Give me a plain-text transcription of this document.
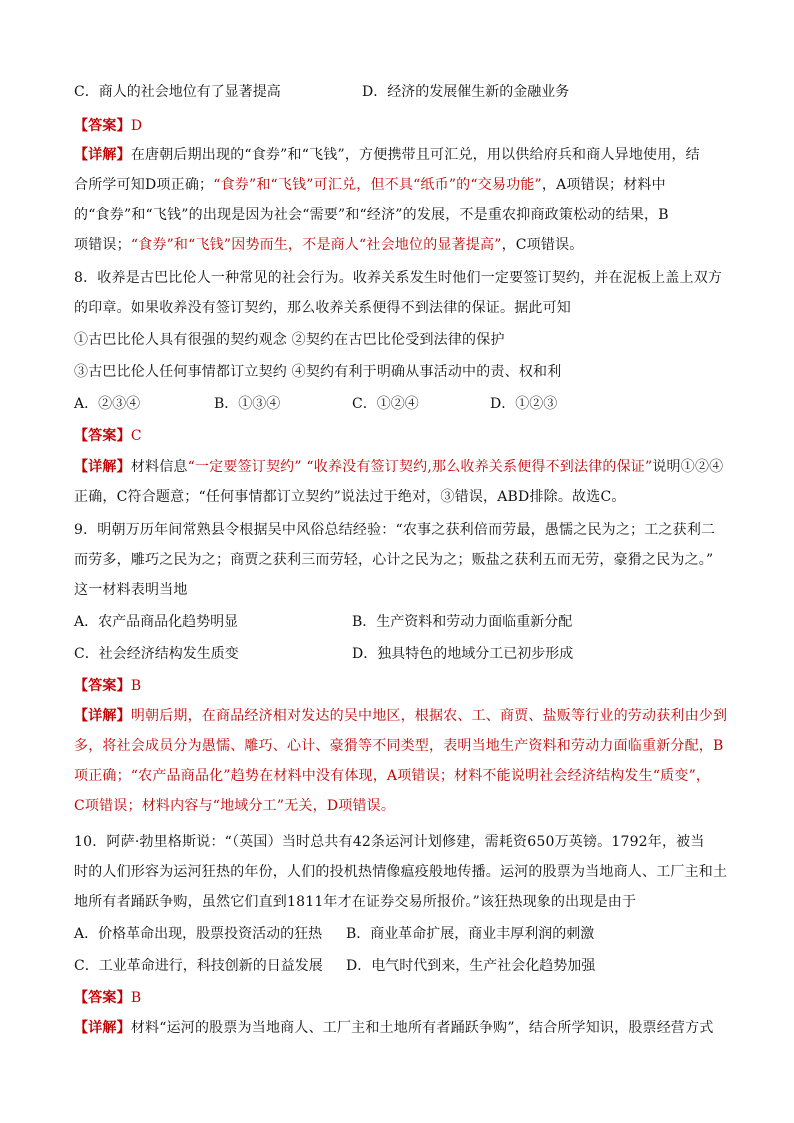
C．商人的社会地位有了显著提高	D．经济的发展催生新的金融业务
【答案】D
【详解】在唐朝后期出现的“食券”和“飞钱”，方便携带且可汇兑，用以供给府兵和商人异地使用，结
合所学可知D项正确；“食券”和“飞钱”可汇兑，但不具“纸币”的“交易功能”，A项错误；材料中
的“食券”和“飞钱”的出现是因为社会“需要”和“经济”的发展，不是重农抑商政策松动的结果，B
项错误；“食券”和“飞钱”因势而生，不是商人“社会地位的显著提高”，C项错误。
8．收养是古巴比伦人一种常见的社会行为。收养关系发生时他们一定要签订契约，并在泥板上盖上双方
的印章。如果收养没有签订契约，那么收养关系便得不到法律的保证。据此可知
①古巴比伦人具有很强的契约观念 ②契约在古巴比伦受到法律的保护
③古巴比伦人任何事情都订立契约 ④契约有利于明确从事活动中的责、权和利
A．②③④	B．①③④	C．①②④	D．①②③
【答案】C
【详解】材料信息“一定要签订契约” “收养没有签订契约,那么收养关系便得不到法律的保证”说明①②④
正确，C符合题意；“任何事情都订立契约”说法过于绝对，③错误，ABD排除。故选C。
9．明朝万历年间常熟县令根据吴中风俗总结经验：“农事之获利倍而劳最，愚懦之民为之；工之获利二
而劳多，雕巧之民为之；商贾之获利三而劳轻，心计之民为之；贩盐之获利五而无劳，豪猾之民为之。”
这一材料表明当地
A．农产品商品化趋势明显	B．生产资料和劳动力面临重新分配
C．社会经济结构发生质变	D．独具特色的地域分工已初步形成
【答案】B
【详解】明朝后期，在商品经济相对发达的吴中地区，根据农、工、商贾、盐贩等行业的劳动获利由少到
多，将社会成员分为愚懦、雕巧、心计、豪猾等不同类型，表明当地生产资料和劳动力面临重新分配，B
项正确；“农产品商品化”趋势在材料中没有体现，A项错误；材料不能说明社会经济结构发生“质变”，
C项错误；材料内容与“地域分工”无关，D项错误。
10．阿萨·勃里格斯说：“（英国）当时总共有42条运河计划修建，需耗资650万英镑。1792年，被当
时的人们形容为运河狂热的年份，人们的投机热情像瘟疫般地传播。运河的股票为当地商人、工厂主和土
地所有者踊跃争购，虽然它们直到1811年才在证券交易所报价。”该狂热现象的出现是由于
A．价格革命出现，股票投资活动的狂热 B．商业革命扩展，商业丰厚利润的刺激
C．工业革命进行，科技创新的日益发展 D．电气时代到来，生产社会化趋势加强
【答案】B
【详解】材料“运河的股票为当地商人、工厂主和土地所有者踊跃争购”，结合所学知识，股票经营方式
